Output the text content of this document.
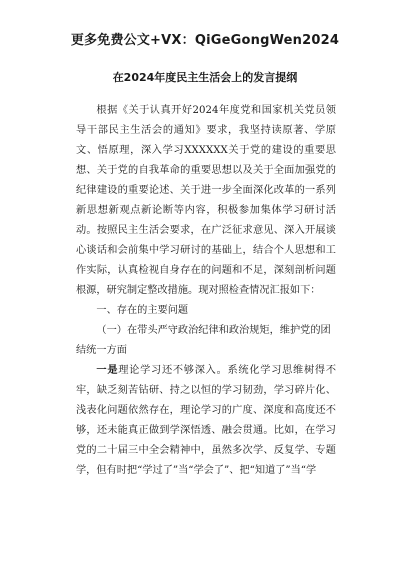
更多免费公文+VX：QiGeGongWen2024
在2024年度民主生活会上的发言提纲

根据《关于认真开好2024年度党和国家机关党员领导干部民主生活会的通知》要求，我坚持读原著、学原文、悟原理，深入学习XXXXXX关于党的建设的重要思想、关于党的自我革命的重要思想以及关于全面加强党的纪律建设的重要论述、关于进一步全面深化改革的一系列新思想新观点新论断等内容，积极参加集体学习研讨活动。按照民主生活会要求，在广泛征求意见、深入开展谈心谈话和会前集中学习研讨的基础上，结合个人思想和工作实际，认真检视自身存在的问题和不足，深刻剖析问题根源，研究制定整改措施。现对照检查情况汇报如下：

一、存在的主要问题

（一）在带头严守政治纪律和政治规矩，维护党的团结统一方面

一是理论学习还不够深入。系统化学习思维树得不牢，缺乏刻苦钻研、持之以恒的学习韧劲，学习碎片化、浅表化问题依然存在，理论学习的广度、深度和高度还不够，还未能真正做到学深悟透、融会贯通。比如，在学习党的二十届三中全会精神中，虽然多次学、反复学、专题学，但有时把“学过了”当“学会了”、把“知道了”当“学
